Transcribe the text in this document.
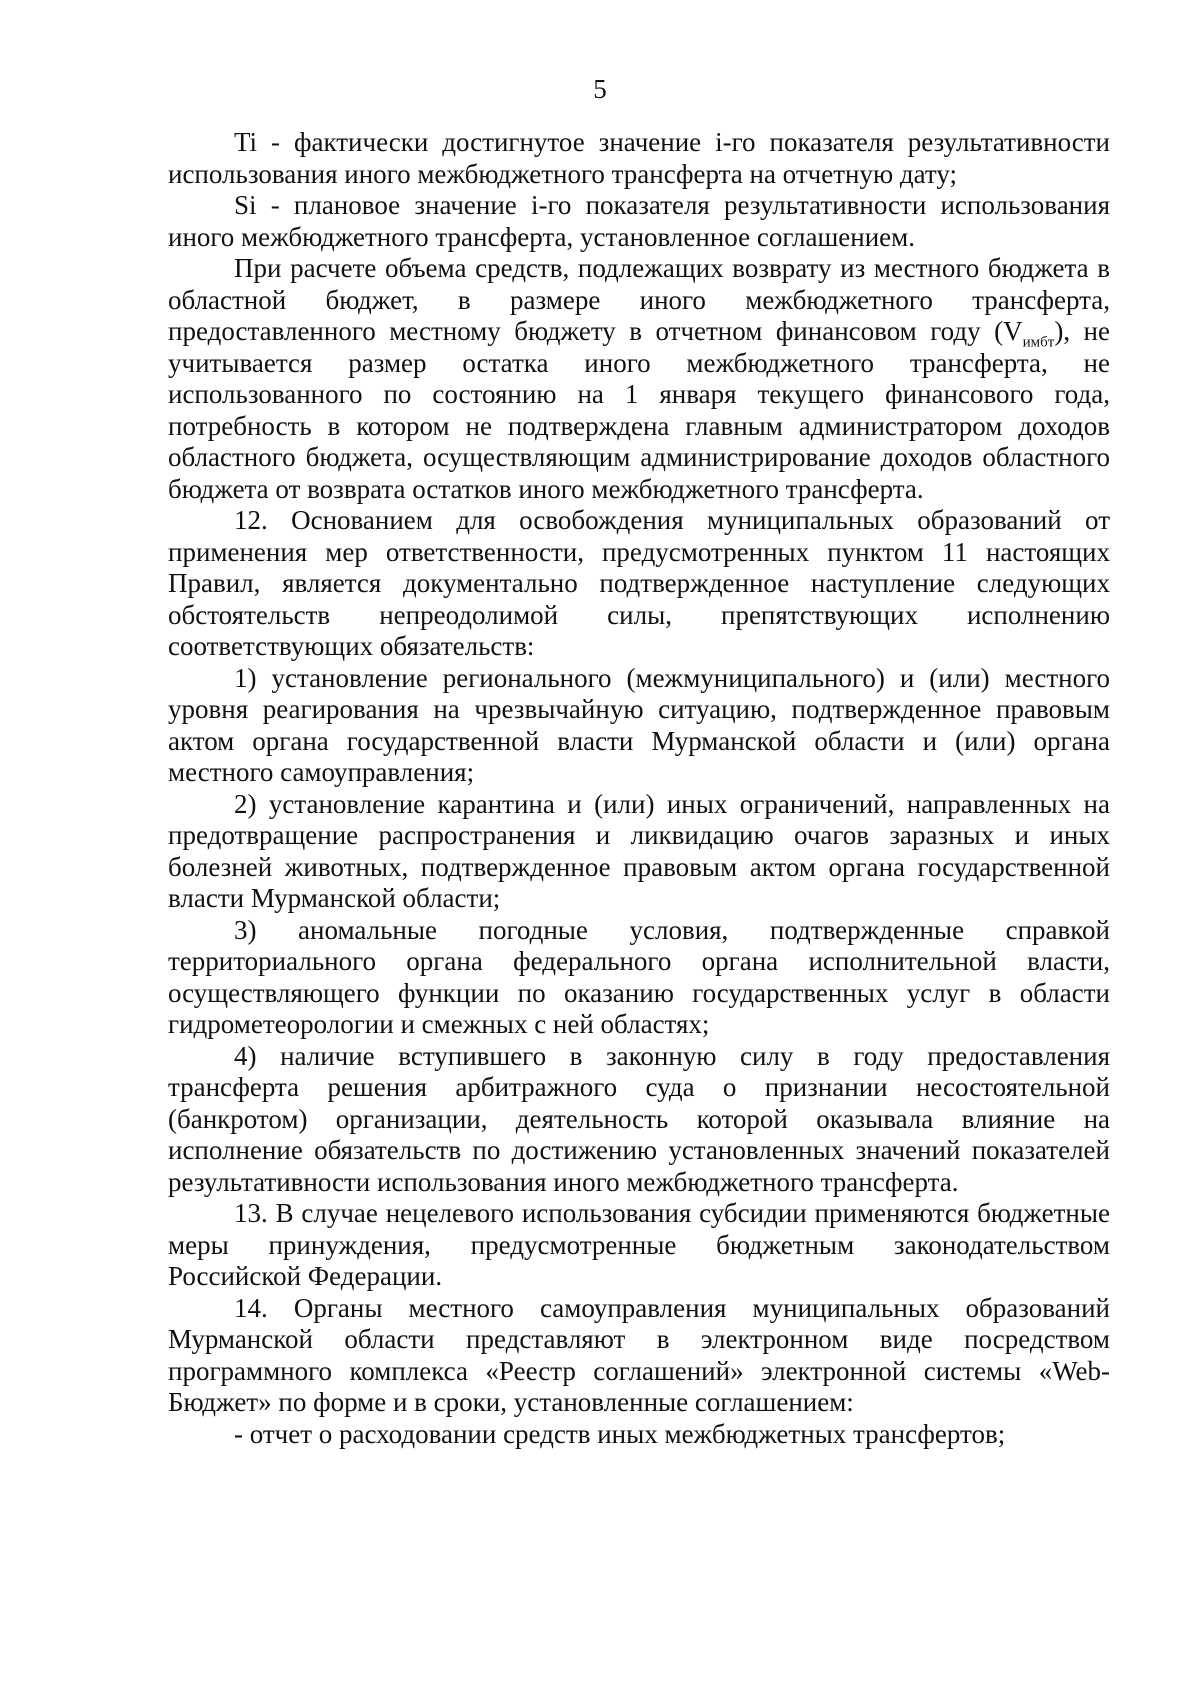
5

Ti - фактически достигнутое значение i-го показателя результативности использования иного межбюджетного трансферта на отчетную дату;

Si - плановое значение i-го показателя результативности использования иного межбюджетного трансферта, установленное соглашением.

При расчете объема средств, подлежащих возврату из местного бюджета в областной бюджет, в размере иного межбюджетного трансферта, предоставленного местному бюджету в отчетном финансовом году $(V_{имбт})$, не учитывается размер остатка иного межбюджетного трансферта, не использованного по состоянию на 1 января текущего финансового года, потребность в котором не подтверждена главным администратором доходов областного бюджета, осуществляющим администрирование доходов областного бюджета от возврата остатков иного межбюджетного трансферта.

12. Основанием для освобождения муниципальных образований от применения мер ответственности, предусмотренных пунктом 11 настоящих Правил, является документально подтвержденное наступление следующих обстоятельств непреодолимой силы, препятствующих исполнению соответствующих обязательств:

1) установление регионального (межмуниципального) и (или) местного уровня реагирования на чрезвычайную ситуацию, подтвержденное правовым актом органа государственной власти Мурманской области и (или) органа местного самоуправления;

2) установление карантина и (или) иных ограничений, направленных на предотвращение распространения и ликвидацию очагов заразных и иных болезней животных, подтвержденное правовым актом органа государственной власти Мурманской области;

3) аномальные погодные условия, подтвержденные справкой территориального органа федерального органа исполнительной власти, осуществляющего функции по оказанию государственных услуг в области гидрометеорологии и смежных с ней областях;

4) наличие вступившего в законную силу в году предоставления трансферта решения арбитражного суда о признании несостоятельной (банкротом) организации, деятельность которой оказывала влияние на исполнение обязательств по достижению установленных значений показателей результативности использования иного межбюджетного трансферта.

13. В случае нецелевого использования субсидии применяются бюджетные меры принуждения, предусмотренные бюджетным законодательством Российской Федерации.

14. Органы местного самоуправления муниципальных образований Мурманской области представляют в электронном виде посредством программного комплекса «Реестр соглашений» электронной системы «Web-Бюджет» по форме и в сроки, установленные соглашением:

- отчет о расходовании средств иных межбюджетных трансфертов;
